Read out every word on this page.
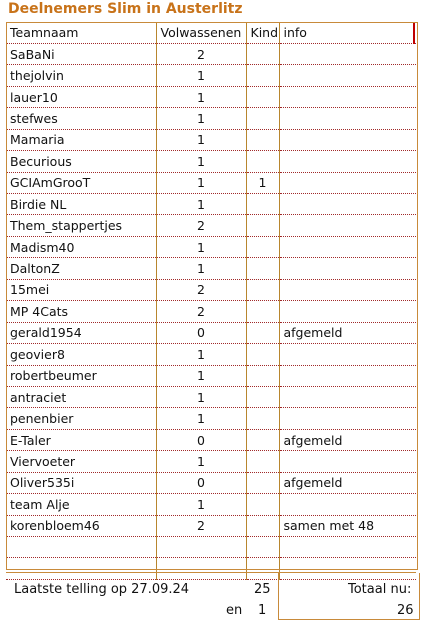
Deelnemers Slim in Austerlitz
Teamnaam	Volwassenen	Kind	info
SaBaNi	2		
thejolvin	1		
lauer10	1		
stefwes	1		
Mamaria	1		
Becurious	1		
GCIAmGrooT	1	1	
Birdie NL	1		
Them_stappertjes	2		
Madism40	1		
DaltonZ	1		
15mei	2		
MP 4Cats	2		
gerald1954	0		afgemeld
geovier8	1		
robertbeumer	1		
antraciet	1		
penenbier	1		
E-Taler	0		afgemeld
Viervoeter	1		
Oliver535i	0		afgemeld
team Alje	1		
korenbloem46	2		samen met 48

Laatste telling op 27.09.24	25
en 1
Totaal nu:
26
